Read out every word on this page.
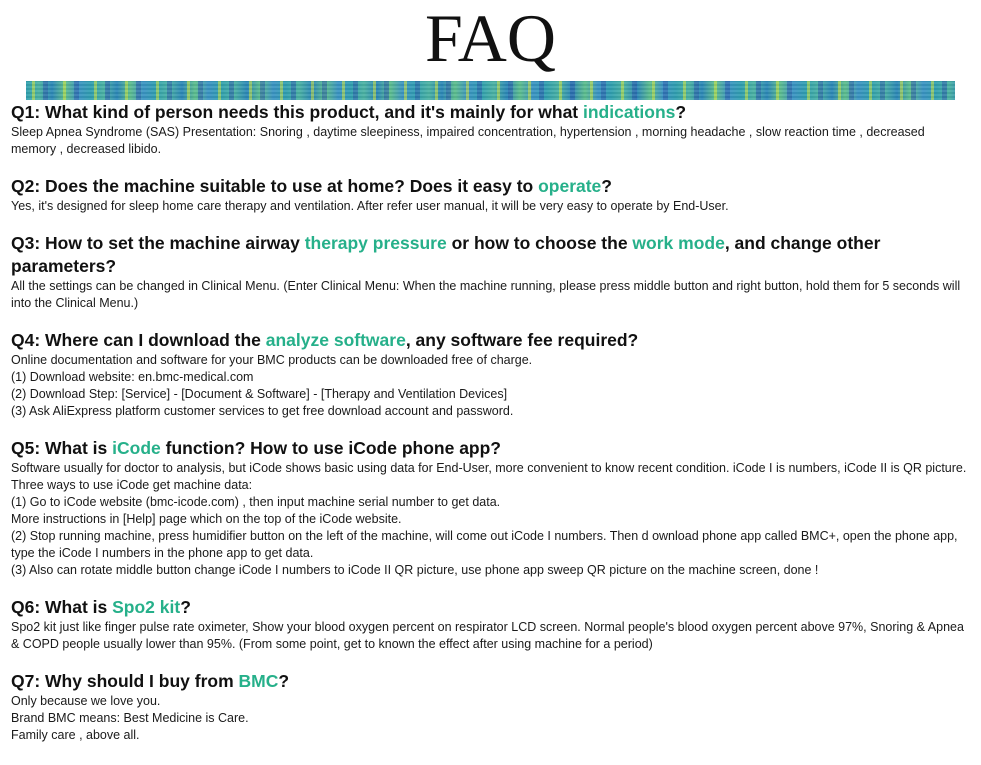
FAQ

Q1: What kind of person needs this product, and it's mainly for what indications?

Sleep Apnea Syndrome (SAS) Presentation: Snoring , daytime sleepiness, impaired concentration, hypertension , morning headache , slow reaction time , decreased memory , decreased libido.

Q2: Does the machine suitable to use at home? Does it easy to operate?

Yes, it's designed for sleep home care therapy and ventilation. After refer user manual, it will be very easy to operate by End-User.

Q3: How to set the machine airway therapy pressure or how to choose the work mode, and change other parameters?

All the settings can be changed in Clinical Menu. (Enter Clinical Menu: When the machine running, please press middle button and right button, hold them for 5 seconds will into the Clinical Menu.)

Q4: Where can I download the analyze software, any software fee required?

Online documentation and software for your BMC products can be downloaded free of charge.
(1) Download website: en.bmc-medical.com
(2) Download Step: [Service] - [Document & Software] - [Therapy and Ventilation Devices]
(3) Ask AliExpress platform customer services to get free download account and password.

Q5: What is iCode function? How to use iCode phone app?

Software usually for doctor to analysis, but iCode shows basic using data for End-User, more convenient to know recent condition. iCode I is numbers, iCode II is QR picture.
Three ways to use iCode get machine data:
(1) Go to iCode website (bmc-icode.com) , then input machine serial number to get data.
More instructions in [Help] page which on the top of the iCode website.
(2) Stop running machine, press humidifier button on the left of the machine, will come out iCode I numbers. Then d ownload phone app called BMC+, open the phone app, type the iCode I numbers in the phone app to get data.
(3) Also can rotate middle button change iCode I numbers to iCode II QR picture, use phone app sweep QR picture on the machine screen, done !

Q6: What is Spo2 kit?

Spo2 kit just like finger pulse rate oximeter, Show your blood oxygen percent on respirator LCD screen. Normal people's blood oxygen percent above 97%, Snoring & Apnea & COPD people usually lower than 95%. (From some point, get to known the effect after using machine for a period)

Q7: Why should I buy from BMC?

Only because we love you.
Brand BMC means: Best Medicine is Care.
Family care , above all.
